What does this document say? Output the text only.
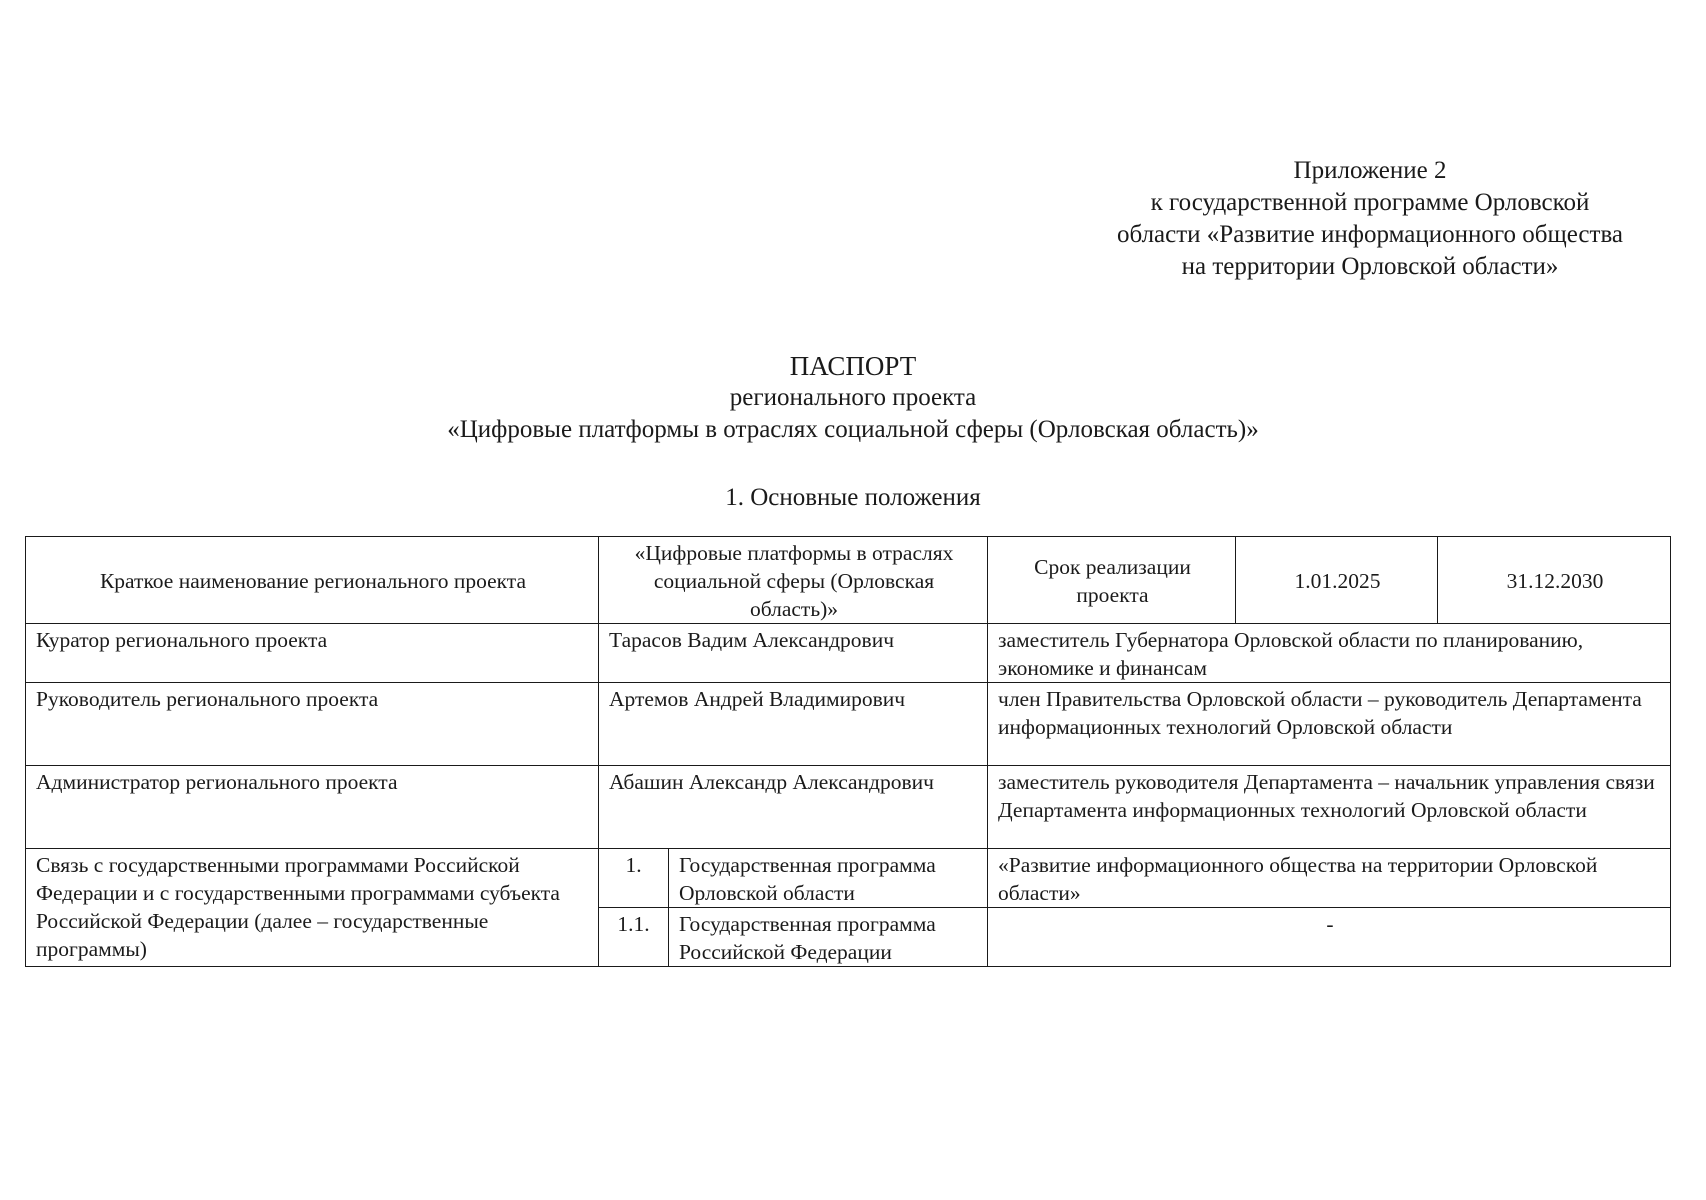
Приложение 2
к государственной программе Орловской
области «Развитие информационного общества
на территории Орловской области»
ПАСПОРТ
регионального проекта
«Цифровые платформы в отраслях социальной сферы (Орловская область)»
1. Основные положения
Краткое наименование регионального проекта	«Цифровые платформы в отраслях социальной сферы (Орловская область)»		Срок реализации проекта	1.01.2025	31.12.2030
Куратор регионального проекта	Тарасов Вадим Александрович		заместитель Губернатора Орловской области по планированию, экономике и финансам		
Руководитель регионального проекта	Артемов Андрей Владимирович		член Правительства Орловской области – руководитель Департамента информационных технологий Орловской области		
Администратор регионального проекта	Абашин Александр Александрович		заместитель руководителя Департамента – начальник управления связи Департамента информационных технологий Орловской области		
Связь с государственными программами Российской Федерации и с государственными программами субъекта Российской Федерации (далее – государственные программы)	1.	Государственная программа Орловской области	«Развитие информационного общества на территории Орловской области»		
	1.1.	Государственная программа Российской Федерации	-		
